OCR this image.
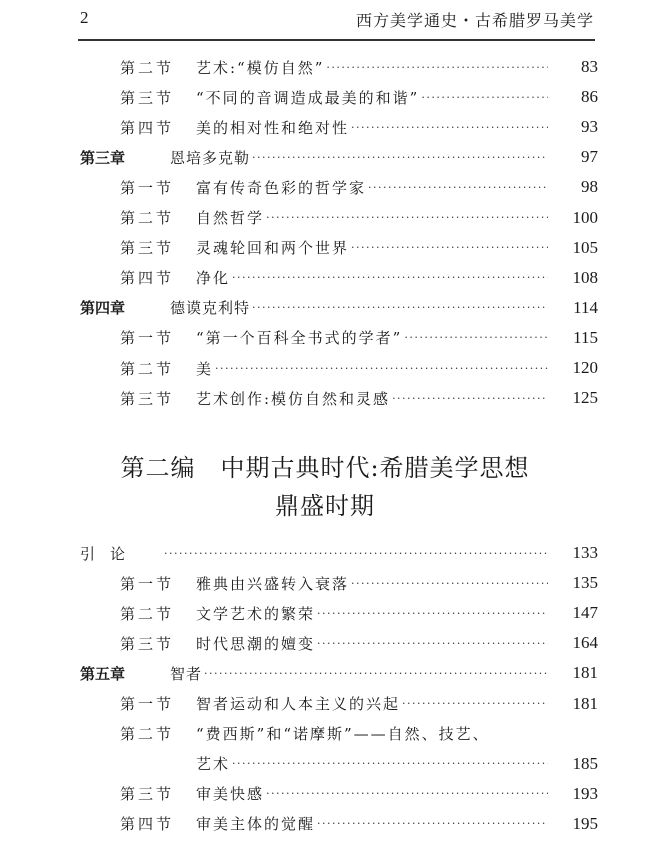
2	西方美学通史・古希腊罗马美学
第二节	艺术:“模仿自然” ·····	83
第三节	“不同的音调造成最美的和谐” ·····	86
第四节	美的相对性和绝对性 ·····	93
第三章	恩培多克勒 ·····	97
第一节	富有传奇色彩的哲学家 ·····	98
第二节	自然哲学 ·····	100
第三节	灵魂轮回和两个世界 ·····	105
第四节	净化 ·····	108
第四章	德谟克利特 ·····	114
第一节	“第一个百科全书式的学者” ·····	115
第二节	美 ·····	120
第三节	艺术创作:模仿自然和灵感 ·····	125
第二编　中期古典时代:希腊美学思想
鼎盛时期
引　论 ·····	133
第一节	雅典由兴盛转入衰落 ·····	135
第二节	文学艺术的繁荣 ·····	147
第三节	时代思潮的嬗变 ·····	164
第五章	智者 ·····	181
第一节	智者运动和人本主义的兴起 ·····	181
第二节	“费西斯”和“诺摩斯”——自然、技艺、
艺术 ·····	185
第三节	审美快感 ·····	193
第四节	审美主体的觉醒 ·····	195
